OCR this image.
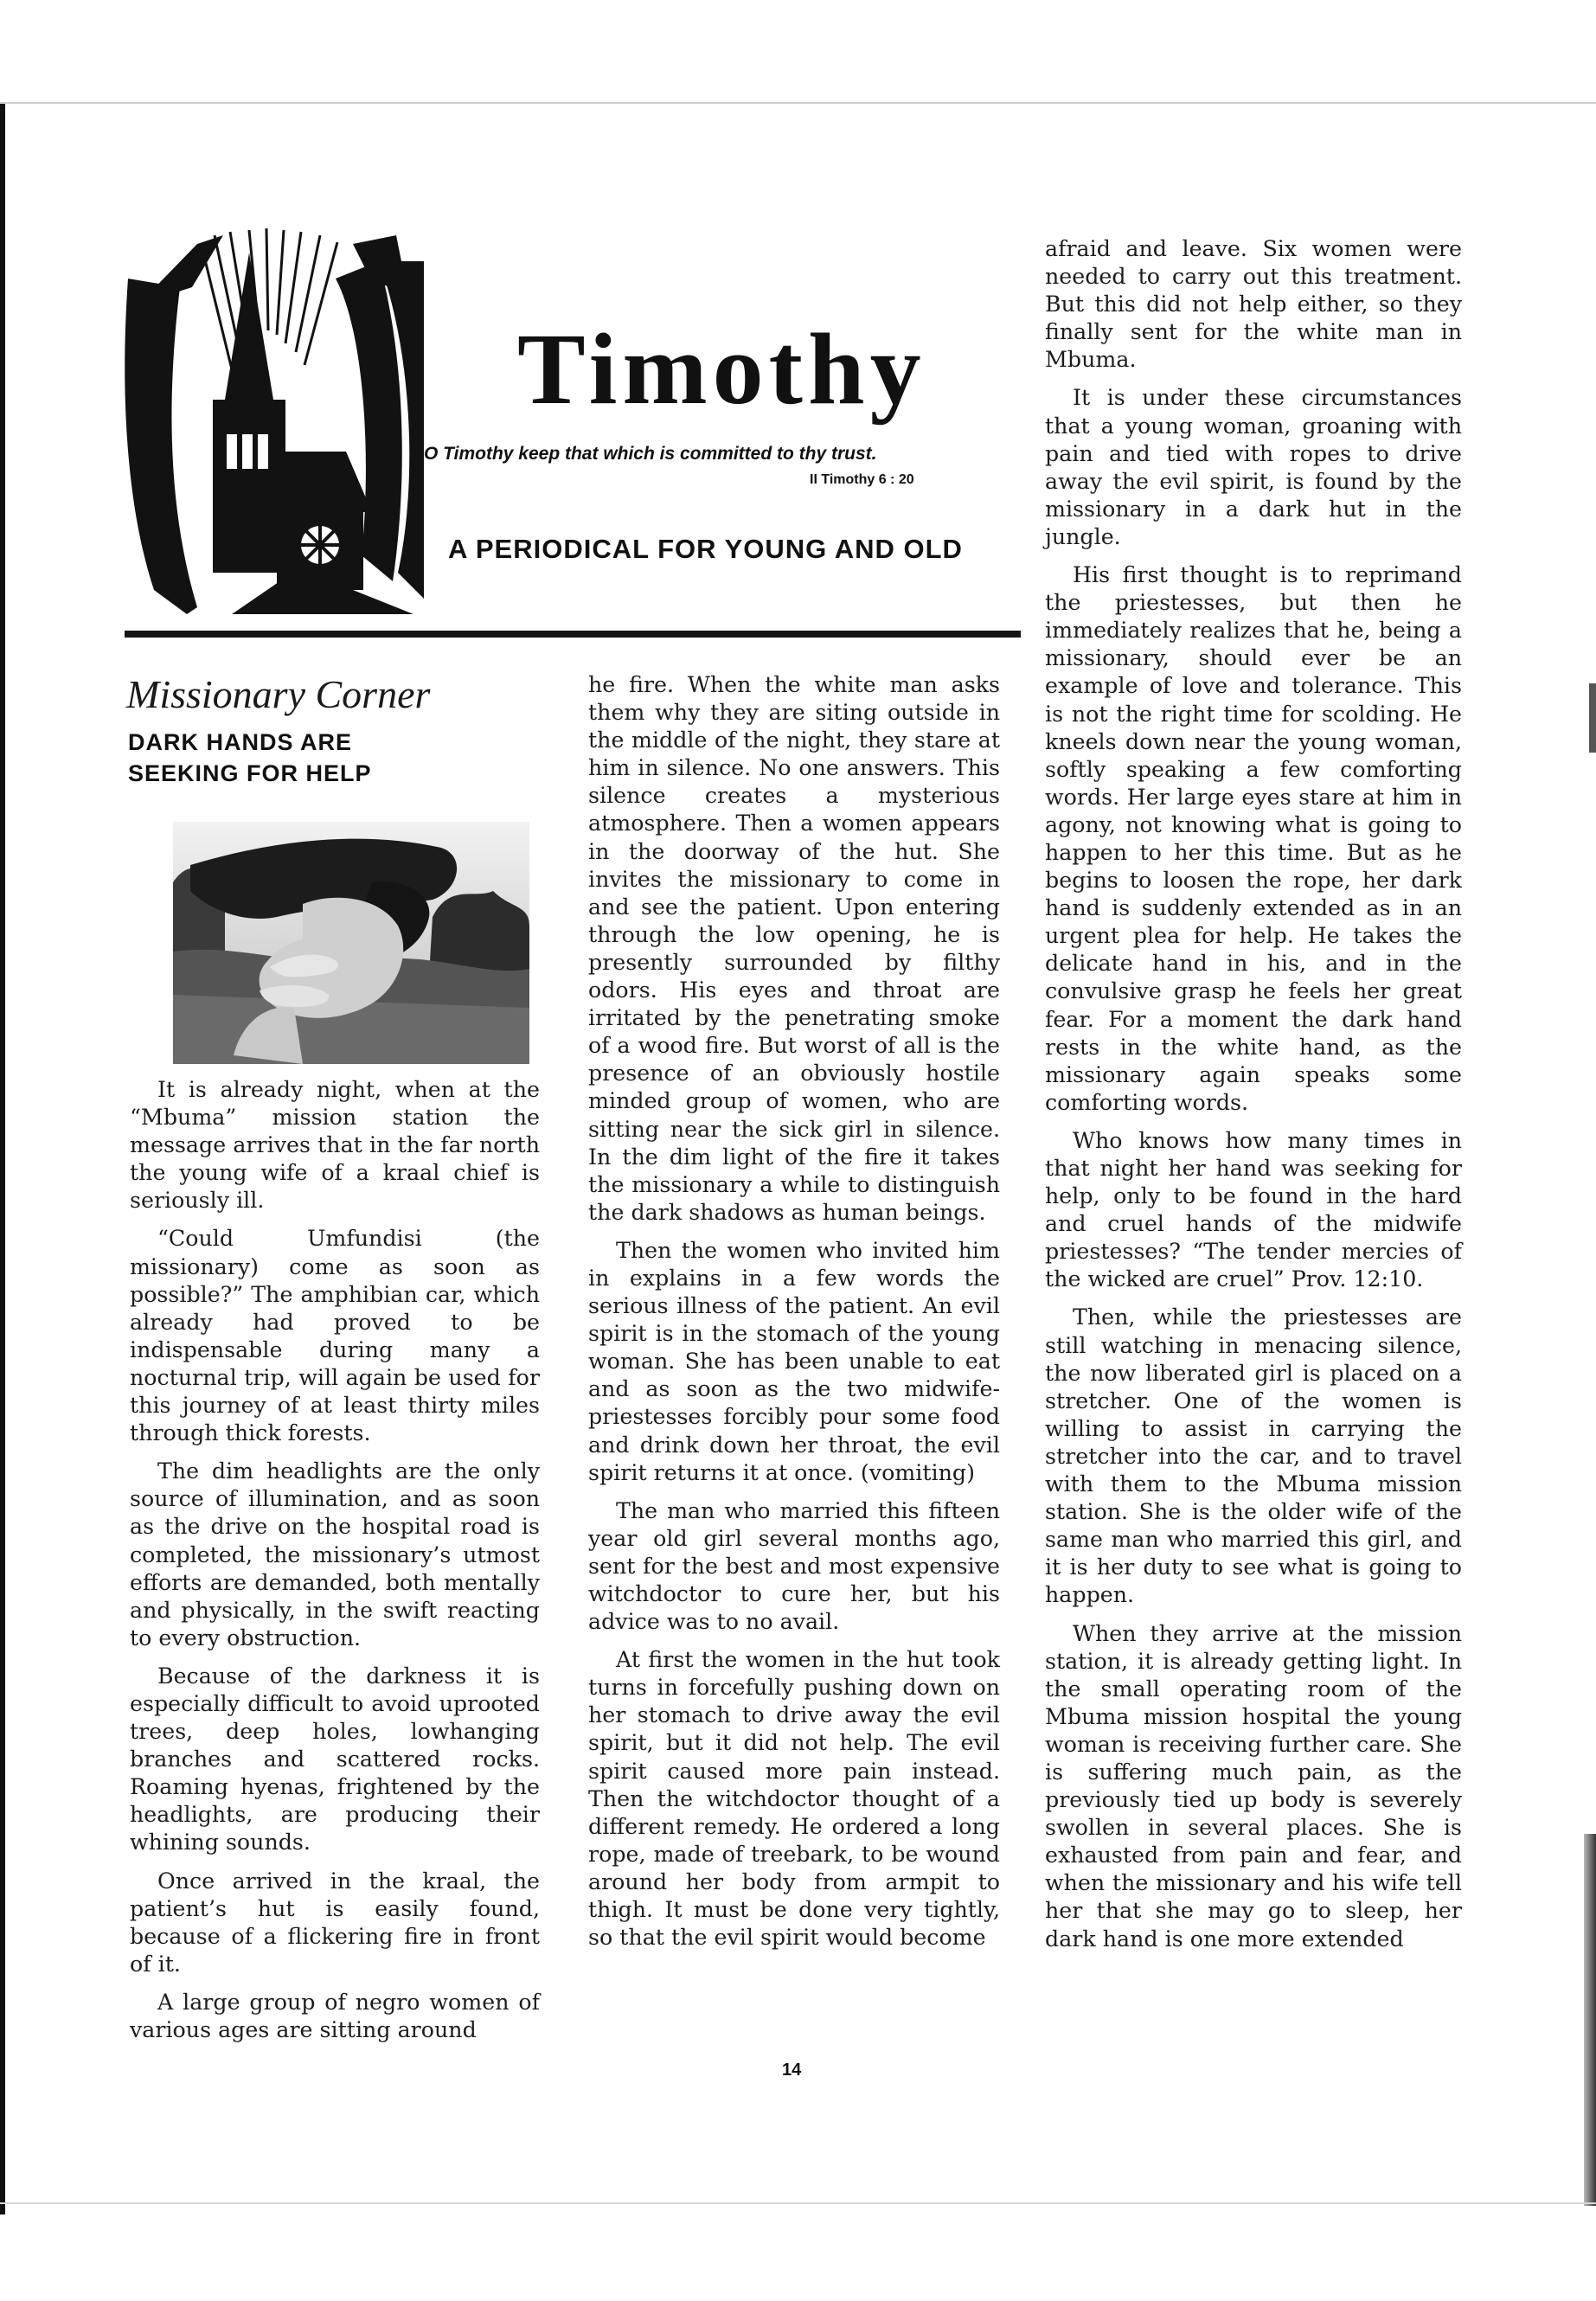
Timothy
O Timothy keep that which is committed to thy trust.
II Timothy 6 : 20
A PERIODICAL FOR YOUNG AND OLD
Missionary Corner
DARK HANDS ARE
SEEKING FOR HELP

It is already night, when at the “Mbuma” mission station the message arrives that in the far north the young wife of a kraal chief is seriously ill.

“Could Umfundisi (the missionary) come as soon as possible?” The amphibian car, which already had proved to be indispensable during many a nocturnal trip, will again be used for this journey of at least thirty miles through thick forests.

The dim headlights are the only source of illumination, and as soon as the drive on the hospital road is completed, the missionary’s utmost efforts are demanded, both mentally and physically, in the swift reacting to every obstruction.

Because of the darkness it is especially difficult to avoid uprooted trees, deep holes, lowhanging branches and scattered rocks. Roaming hyenas, frightened by the headlights, are producing their whining sounds.

Once arrived in the kraal, the patient’s hut is easily found, because of a flickering fire in front of it.

A large group of negro women of various ages are sitting around

he fire. When the white man asks them why they are siting outside in the middle of the night, they stare at him in silence. No one answers. This silence creates a mysterious atmosphere. Then a women appears in the doorway of the hut. She invites the missionary to come in and see the patient. Upon entering through the low opening, he is presently surrounded by filthy odors. His eyes and throat are irritated by the penetrating smoke of a wood fire. But worst of all is the presence of an obviously hostile minded group of women, who are sitting near the sick girl in silence. In the dim light of the fire it takes the missionary a while to distinguish the dark shadows as human beings.

Then the women who invited him in explains in a few words the serious illness of the patient. An evil spirit is in the stomach of the young woman. She has been unable to eat and as soon as the two midwife-priestesses forcibly pour some food and drink down her throat, the evil spirit returns it at once. (vomiting)

The man who married this fifteen year old girl several months ago, sent for the best and most expensive witchdoctor to cure her, but his advice was to no avail.

At first the women in the hut took turns in forcefully pushing down on her stomach to drive away the evil spirit, but it did not help. The evil spirit caused more pain instead. Then the witchdoctor thought of a different remedy. He ordered a long rope, made of treebark, to be wound around her body from armpit to thigh. It must be done very tightly, so that the evil spirit would become

afraid and leave. Six women were needed to carry out this treatment. But this did not help either, so they finally sent for the white man in Mbuma.

It is under these circumstances that a young woman, groaning with pain and tied with ropes to drive away the evil spirit, is found by the missionary in a dark hut in the jungle.

His first thought is to reprimand the priestesses, but then he immediately realizes that he, being a missionary, should ever be an example of love and tolerance. This is not the right time for scolding. He kneels down near the young woman, softly speaking a few comforting words. Her large eyes stare at him in agony, not knowing what is going to happen to her this time. But as he begins to loosen the rope, her dark hand is suddenly extended as in an urgent plea for help. He takes the delicate hand in his, and in the convulsive grasp he feels her great fear. For a moment the dark hand rests in the white hand, as the missionary again speaks some comforting words.

Who knows how many times in that night her hand was seeking for help, only to be found in the hard and cruel hands of the midwife priestesses? “The tender mercies of the wicked are cruel” Prov. 12:10.

Then, while the priestesses are still watching in menacing silence, the now liberated girl is placed on a stretcher. One of the women is willing to assist in carrying the stretcher into the car, and to travel with them to the Mbuma mission station. She is the older wife of the same man who married this girl, and it is her duty to see what is going to happen.

When they arrive at the mission station, it is already getting light. In the small operating room of the Mbuma mission hospital the young woman is receiving further care. She is suffering much pain, as the previously tied up body is severely swollen in several places. She is exhausted from pain and fear, and when the missionary and his wife tell her that she may go to sleep, her dark hand is one more extended

14
